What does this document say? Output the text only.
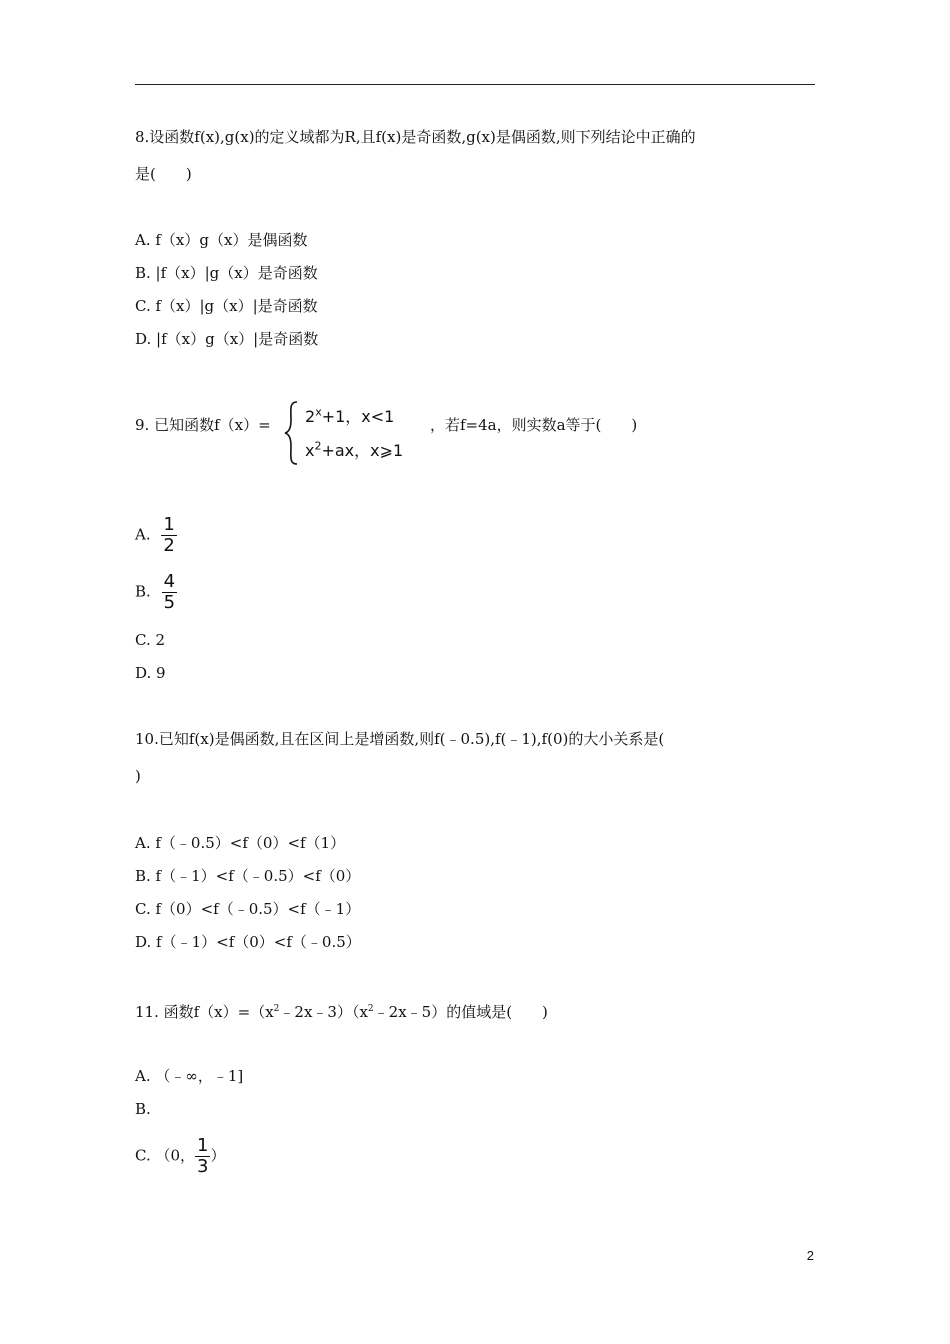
8.设函数f(x),g(x)的定义域都为R,且f(x)是奇函数,g(x)是偶函数,则下列结论中正确的
是(　　)
A. f（x）g（x）是偶函数
B. |f（x）|g（x）是奇函数
C. f（x）|g（x）|是奇函数
D. |f（x）g（x）|是奇函数
9. 已知函数$f(x)= 2^x+1$，x<1
$x^2+ax$，x⩾1
，若f=4a，则实数a等于(　　)
A. $\frac{1}{2}$
B. $\frac{4}{5}$
C. 2
D. 9
10.已知f(x)是偶函数,且在区间上是增函数,则f(﹣0.5),f(﹣1),f(0)的大小关系是(
)
A. f（﹣0.5）<f（0）<f（1）
B. f（﹣1）<f（﹣0.5）<f（0）
C. f（0）<f（﹣0.5）<f（﹣1）
D. f（﹣1）<f（0）<f（﹣0.5）
11. 函数$f(x)=(x^2﹣2x﹣3)(x^2﹣2x﹣5)$的值域是(　　)
A. （﹣∞，﹣1]
B.
C. （0， $\frac{1}{3}$ ）
2
